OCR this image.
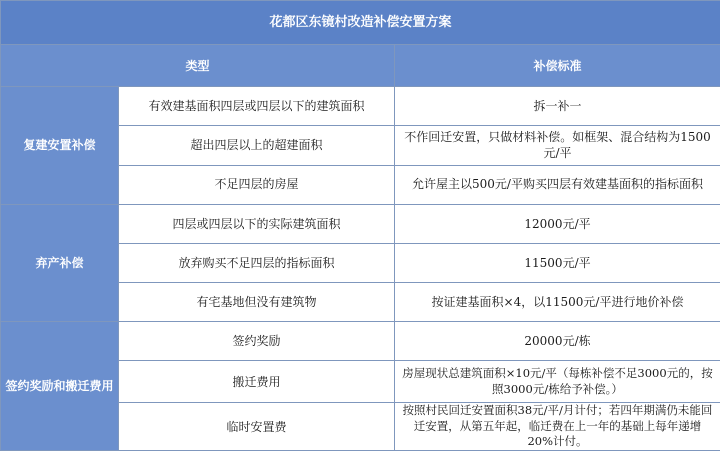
花都区东镜村改造补偿安置方案		
类型		补偿标准
复建安置补偿	有效建基面积四层或四层以下的建筑面积	拆一补一
	超出四层以上的超建面积	不作回迁安置，只做材料补偿。如框架、混合结构为1500元/平
	不足四层的房屋	允许屋主以500元/平购买四层有效建基面积的指标面积
弃产补偿	四层或四层以下的实际建筑面积	12000元/平
	放弃购买不足四层的指标面积	11500元/平
	有宅基地但没有建筑物	按证建基面积×4，以11500元/平进行地价补偿
签约奖励和搬迁费用	签约奖励	20000元/栋
	搬迁费用	房屋现状总建筑面积×10元/平（每栋补偿不足3000元的，按照3000元/栋给予补偿。）
	临时安置费	按照村民回迁安置面积38元/平/月计付；若四年期满仍未能回迁安置，从第五年起，临迁费在上一年的基础上每年递增20%计付。
